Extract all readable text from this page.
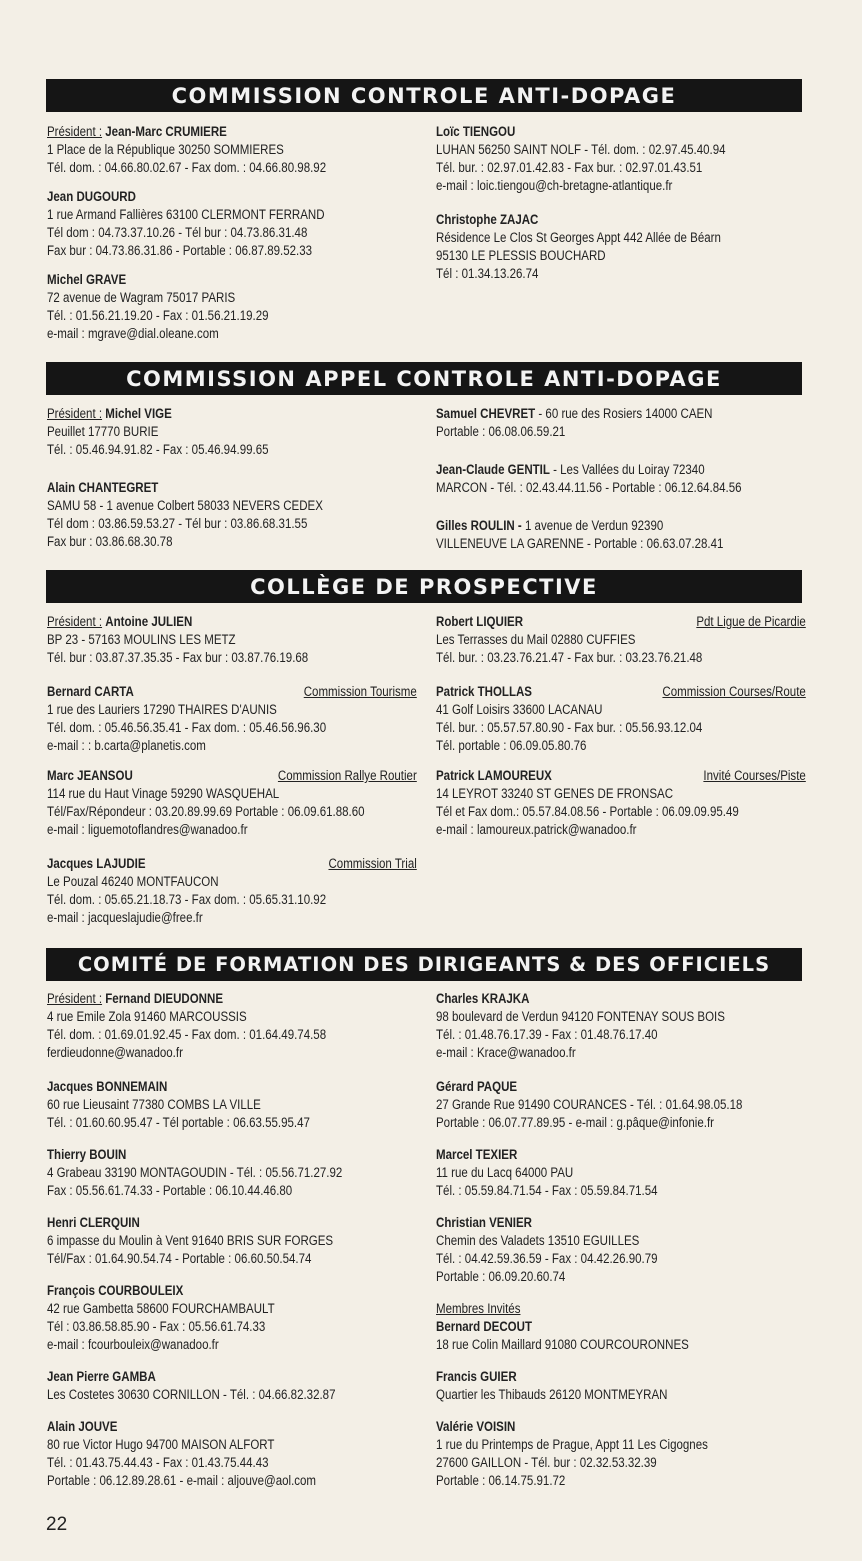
COMMISSION CONTROLE ANTI-DOPAGE
Président : Jean-Marc CRUMIERE
1 Place de la République 30250 SOMMIERES
Tél. dom. : 04.66.80.02.67 - Fax dom. : 04.66.80.98.92
Jean DUGOURD
1 rue Armand Fallières 63100 CLERMONT FERRAND
Tél dom : 04.73.37.10.26 - Tél bur : 04.73.86.31.48
Fax bur : 04.73.86.31.86 - Portable : 06.87.89.52.33
Michel GRAVE
72 avenue de Wagram 75017 PARIS
Tél. : 01.56.21.19.20 - Fax : 01.56.21.19.29
e-mail : mgrave@dial.oleane.com
Loïc TIENGOU
LUHAN 56250 SAINT NOLF - Tél. dom. : 02.97.45.40.94
Tél. bur. : 02.97.01.42.83 - Fax bur. : 02.97.01.43.51
e-mail : loic.tiengou@ch-bretagne-atlantique.fr
Christophe ZAJAC
Résidence Le Clos St Georges Appt 442 Allée de Béarn
95130 LE PLESSIS BOUCHARD
Tél : 01.34.13.26.74
COMMISSION APPEL CONTROLE ANTI-DOPAGE
Président : Michel VIGE
Peuillet 17770 BURIE
Tél. : 05.46.94.91.82 - Fax : 05.46.94.99.65
Alain CHANTEGRET
SAMU 58 - 1 avenue Colbert 58033 NEVERS CEDEX
Tél dom : 03.86.59.53.27 - Tél bur : 03.86.68.31.55
Fax bur : 03.86.68.30.78
Samuel CHEVRET - 60 rue des Rosiers 14000 CAEN
Portable : 06.08.06.59.21
Jean-Claude GENTIL - Les Vallées du Loiray 72340
MARCON - Tél. : 02.43.44.11.56 - Portable : 06.12.64.84.56
Gilles ROULIN - 1 avenue de Verdun 92390
VILLENEUVE LA GARENNE - Portable : 06.63.07.28.41
COLLÈGE DE PROSPECTIVE
Président : Antoine JULIEN
BP 23 - 57163 MOULINS LES METZ
Tél. bur : 03.87.37.35.35 - Fax bur : 03.87.76.19.68
Bernard CARTA	Commission Tourisme
1 rue des Lauriers 17290 THAIRES D'AUNIS
Tél. dom. : 05.46.56.35.41 - Fax dom. : 05.46.56.96.30
e-mail : : b.carta@planetis.com
Marc JEANSOU	Commission Rallye Routier
114 rue du Haut Vinage 59290 WASQUEHAL
Tél/Fax/Répondeur : 03.20.89.99.69 Portable : 06.09.61.88.60
e-mail : liguemotoflandres@wanadoo.fr
Jacques LAJUDIE	Commission Trial
Le Pouzal 46240 MONTFAUCON
Tél. dom. : 05.65.21.18.73 - Fax dom. : 05.65.31.10.92
e-mail : jacqueslajudie@free.fr
Robert LIQUIER	Pdt Ligue de Picardie
Les Terrasses du Mail 02880 CUFFIES
Tél. bur. : 03.23.76.21.47 - Fax bur. : 03.23.76.21.48
Patrick THOLLAS	Commission Courses/Route
41 Golf Loisirs 33600 LACANAU
Tél. bur. : 05.57.57.80.90 - Fax bur. : 05.56.93.12.04
Tél. portable : 06.09.05.80.76
Patrick LAMOUREUX	Invité Courses/Piste
14 LEYROT 33240 ST GENES DE FRONSAC
Tél et Fax dom.: 05.57.84.08.56 - Portable : 06.09.09.95.49
e-mail : lamoureux.patrick@wanadoo.fr
COMITÉ DE FORMATION DES DIRIGEANTS & DES OFFICIELS
Président : Fernand DIEUDONNE
4 rue Emile Zola 91460 MARCOUSSIS
Tél. dom. : 01.69.01.92.45 - Fax dom. : 01.64.49.74.58
ferdieudonne@wanadoo.fr
Jacques BONNEMAIN
60 rue Lieusaint 77380 COMBS LA VILLE
Tél. : 01.60.60.95.47 - Tél portable : 06.63.55.95.47
Thierry BOUIN
4 Grabeau 33190 MONTAGOUDIN - Tél. : 05.56.71.27.92
Fax : 05.56.61.74.33 - Portable : 06.10.44.46.80
Henri CLERQUIN
6 impasse du Moulin à Vent 91640 BRIS SUR FORGES
Tél/Fax : 01.64.90.54.74 - Portable : 06.60.50.54.74
François COURBOULEIX
42 rue Gambetta 58600 FOURCHAMBAULT
Tél : 03.86.58.85.90 - Fax : 05.56.61.74.33
e-mail : fcourbouleix@wanadoo.fr
Jean Pierre GAMBA
Les Costetes 30630 CORNILLON - Tél. : 04.66.82.32.87
Alain JOUVE
80 rue Victor Hugo 94700 MAISON ALFORT
Tél. : 01.43.75.44.43 - Fax : 01.43.75.44.43
Portable : 06.12.89.28.61 - e-mail : aljouve@aol.com
Charles KRAJKA
98 boulevard de Verdun 94120 FONTENAY SOUS BOIS
Tél. : 01.48.76.17.39 - Fax : 01.48.76.17.40
e-mail : Krace@wanadoo.fr
Gérard PAQUE
27 Grande Rue 91490 COURANCES - Tél. : 01.64.98.05.18
Portable : 06.07.77.89.95 - e-mail : g.pâque@infonie.fr
Marcel TEXIER
11 rue du Lacq 64000 PAU
Tél. : 05.59.84.71.54 - Fax : 05.59.84.71.54
Christian VENIER
Chemin des Valadets 13510 EGUILLES
Tél. : 04.42.59.36.59 - Fax : 04.42.26.90.79
Portable : 06.09.20.60.74
Membres Invités
Bernard DECOUT
18 rue Colin Maillard 91080 COURCOURONNES
Francis GUIER
Quartier les Thibauds 26120 MONTMEYRAN
Valérie VOISIN
1 rue du Printemps de Prague, Appt 11 Les Cigognes
27600 GAILLON - Tél. bur : 02.32.53.32.39
Portable : 06.14.75.91.72
22
